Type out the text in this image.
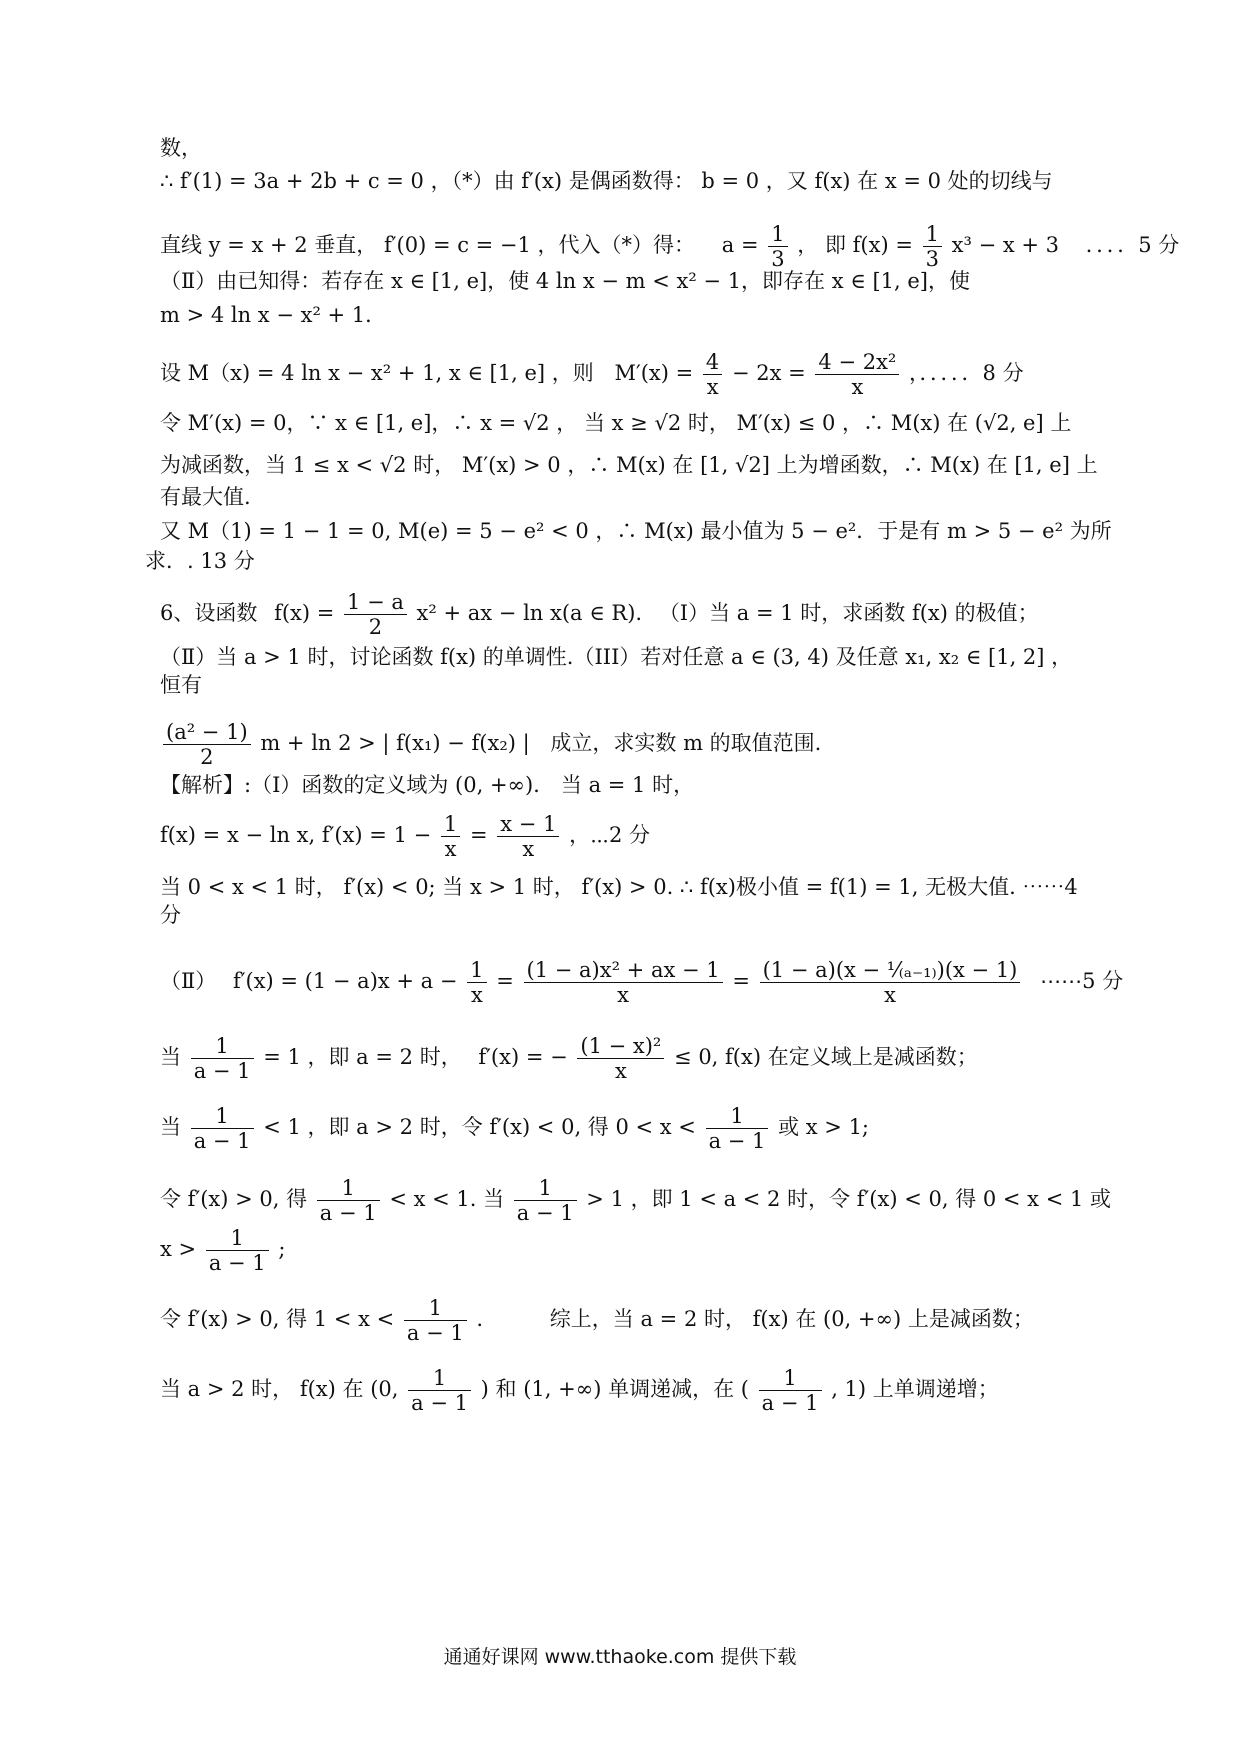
数，
∴ f′(1) = 3a + 2b + c = 0 ，（*）由 f′(x) 是偶函数得： b = 0 ，又 f(x) 在 x = 0 处的切线与
直线 y = x + 2 垂直， f′(0) = c = −1 ，代入（*）得： $a = \frac{1}{3}$ ， 即 $f(x) = \frac{1}{3} x^3 - x + 3$ ．．．．5 分
（Ⅱ）由已知得：若存在 x ∈ [1, e]，使 4 ln x − m < x² − 1，即存在 x ∈ [1, e]，使
m > 4 ln x − x² + 1．
设 M（x) = 4 ln x − x² + 1, x ∈ [1, e] ，则 $M'(x) = \frac{4}{x} - 2x = \frac{\text{4 − 2x²}}{x}$ ，．．．．．8 分
令 M′(x) = 0，∵ x ∈ [1, e]，∴ x = √2 ， 当 x ≥ √2 时， M′(x) ≤ 0 ，∴ M(x) 在 (√2, e] 上
为减函数，当 1 ≤ x < √2 时， M′(x) > 0 ，∴ M(x) 在 [1, √2] 上为增函数，∴ M(x) 在 [1, e] 上
有最大值.
又 M（1) = 1 − 1 = 0, M(e) = 5 − e² < 0 ，∴ M(x) 最小值为 5 − e²．于是有 m > 5 − e² 为所
求．. 13 分
6、设函数 $f(x) = \frac{1 - a}{2} x^2$ + ax − ln x(a ∈ R). （Ⅰ）当 a = 1 时，求函数 f(x) 的极值；
（Ⅱ）当 a > 1 时，讨论函数 f(x) 的单调性.（III）若对任意 a ∈ (3, 4) 及任意 x₁, x₂ ∈ [1, 2] ，
恒有
$\frac{\text{(a² − 1)}}{2}$ m + ln 2 > | f(x₁) − f(x₂) | 成立，求实数 m 的取值范围.
【解析】:（Ⅰ）函数的定义域为 (0, +∞)． 当 a = 1 时，
f(x) = x − ln x, $f'(x) = 1 - \frac{1}{x} = \frac{x - 1}{x}$ ，⋯2 分
当 0 < x < 1 时， f′(x) < 0; 当 x > 1 时， f′(x) > 0. ∴ f(x)极小值 = f(1) = 1, 无极大值. ⋯⋯4
分
（Ⅱ） $f'(x) = (1 - a)x + a - \frac{1}{x} = \frac{\text{(1 − a)x² + ax − 1}}{x} = \frac{\text{(1 − a)(x − ¹⁄₍ₐ₋₁₎)(x − 1)}}{x}$ ⋯⋯5 分
当 $\frac{1}{a - 1} = 1$ ，即 a = 2 时， f′(x) = − $\frac{\text{(1 − x)²}}{x} \le 0$, f(x) 在定义域上是减函数；
当 $\frac{1}{a - 1} < 1$ ，即 a > 2 时，令 f′(x) < 0, 得 $0 < x < \frac{1}{a - 1}$ 或 x > 1;
令 f′(x) > 0, 得 $\frac{1}{a - 1} < x < 1$. 当 $\frac{1}{a - 1} > 1$ ，即 1 < a < 2 时，令 f′(x) < 0, 得 0 < x < 1 或
$x > \frac{1}{a - 1}$ ;
令 f′(x) > 0, 得 $1 < x < \frac{1}{a - 1}$ .	综上，当 a = 2 时， f(x) 在 (0, +∞) 上是减函数；
当 a > 2 时， f(x) 在 (0, $\frac{1}{a - 1}$ ) 和 (1, +∞) 单调递减，在 ( $\frac{1}{a - 1}$ , 1) 上单调递增；
通通好课网 www.tthaoke.com 提供下载
